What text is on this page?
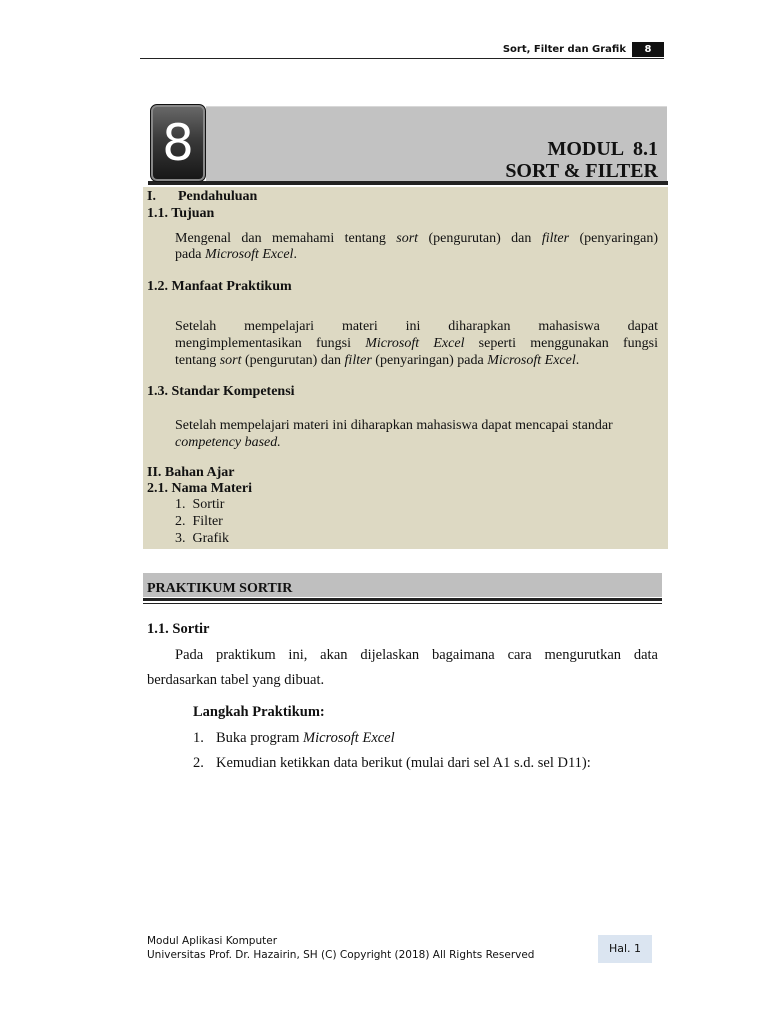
Sort, Filter dan Grafik	8
8	MODUL  8.1
SORT & FILTER
I. Pendahuluan
1.1. Tujuan
Mengenal dan memahami tentang sort (pengurutan) dan filter (penyaringan)
pada Microsoft Excel.
1.2. Manfaat Praktikum
Setelah mempelajari materi ini diharapkan mahasiswa dapat
mengimplementasikan fungsi Microsoft Excel seperti menggunakan fungsi
tentang sort (pengurutan) dan filter (penyaringan) pada Microsoft Excel.
1.3. Standar Kompetensi
Setelah mempelajari materi ini diharapkan mahasiswa dapat mencapai standar
competency based.
II. Bahan Ajar
2.1. Nama Materi
1.  Sortir
2.  Filter
3.  Grafik
PRAKTIKUM SORTIR
1.1. Sortir
Pada praktikum ini, akan dijelaskan bagaimana cara mengurutkan data
berdasarkan tabel yang dibuat.
Langkah Praktikum:
1. Buka program Microsoft Excel
2. Kemudian ketikkan data berikut (mulai dari sel A1 s.d. sel D11):
Modul Aplikasi Komputer
Universitas Prof. Dr. Hazairin, SH (C) Copyright (2018) All Rights Reserved	Hal. 1
